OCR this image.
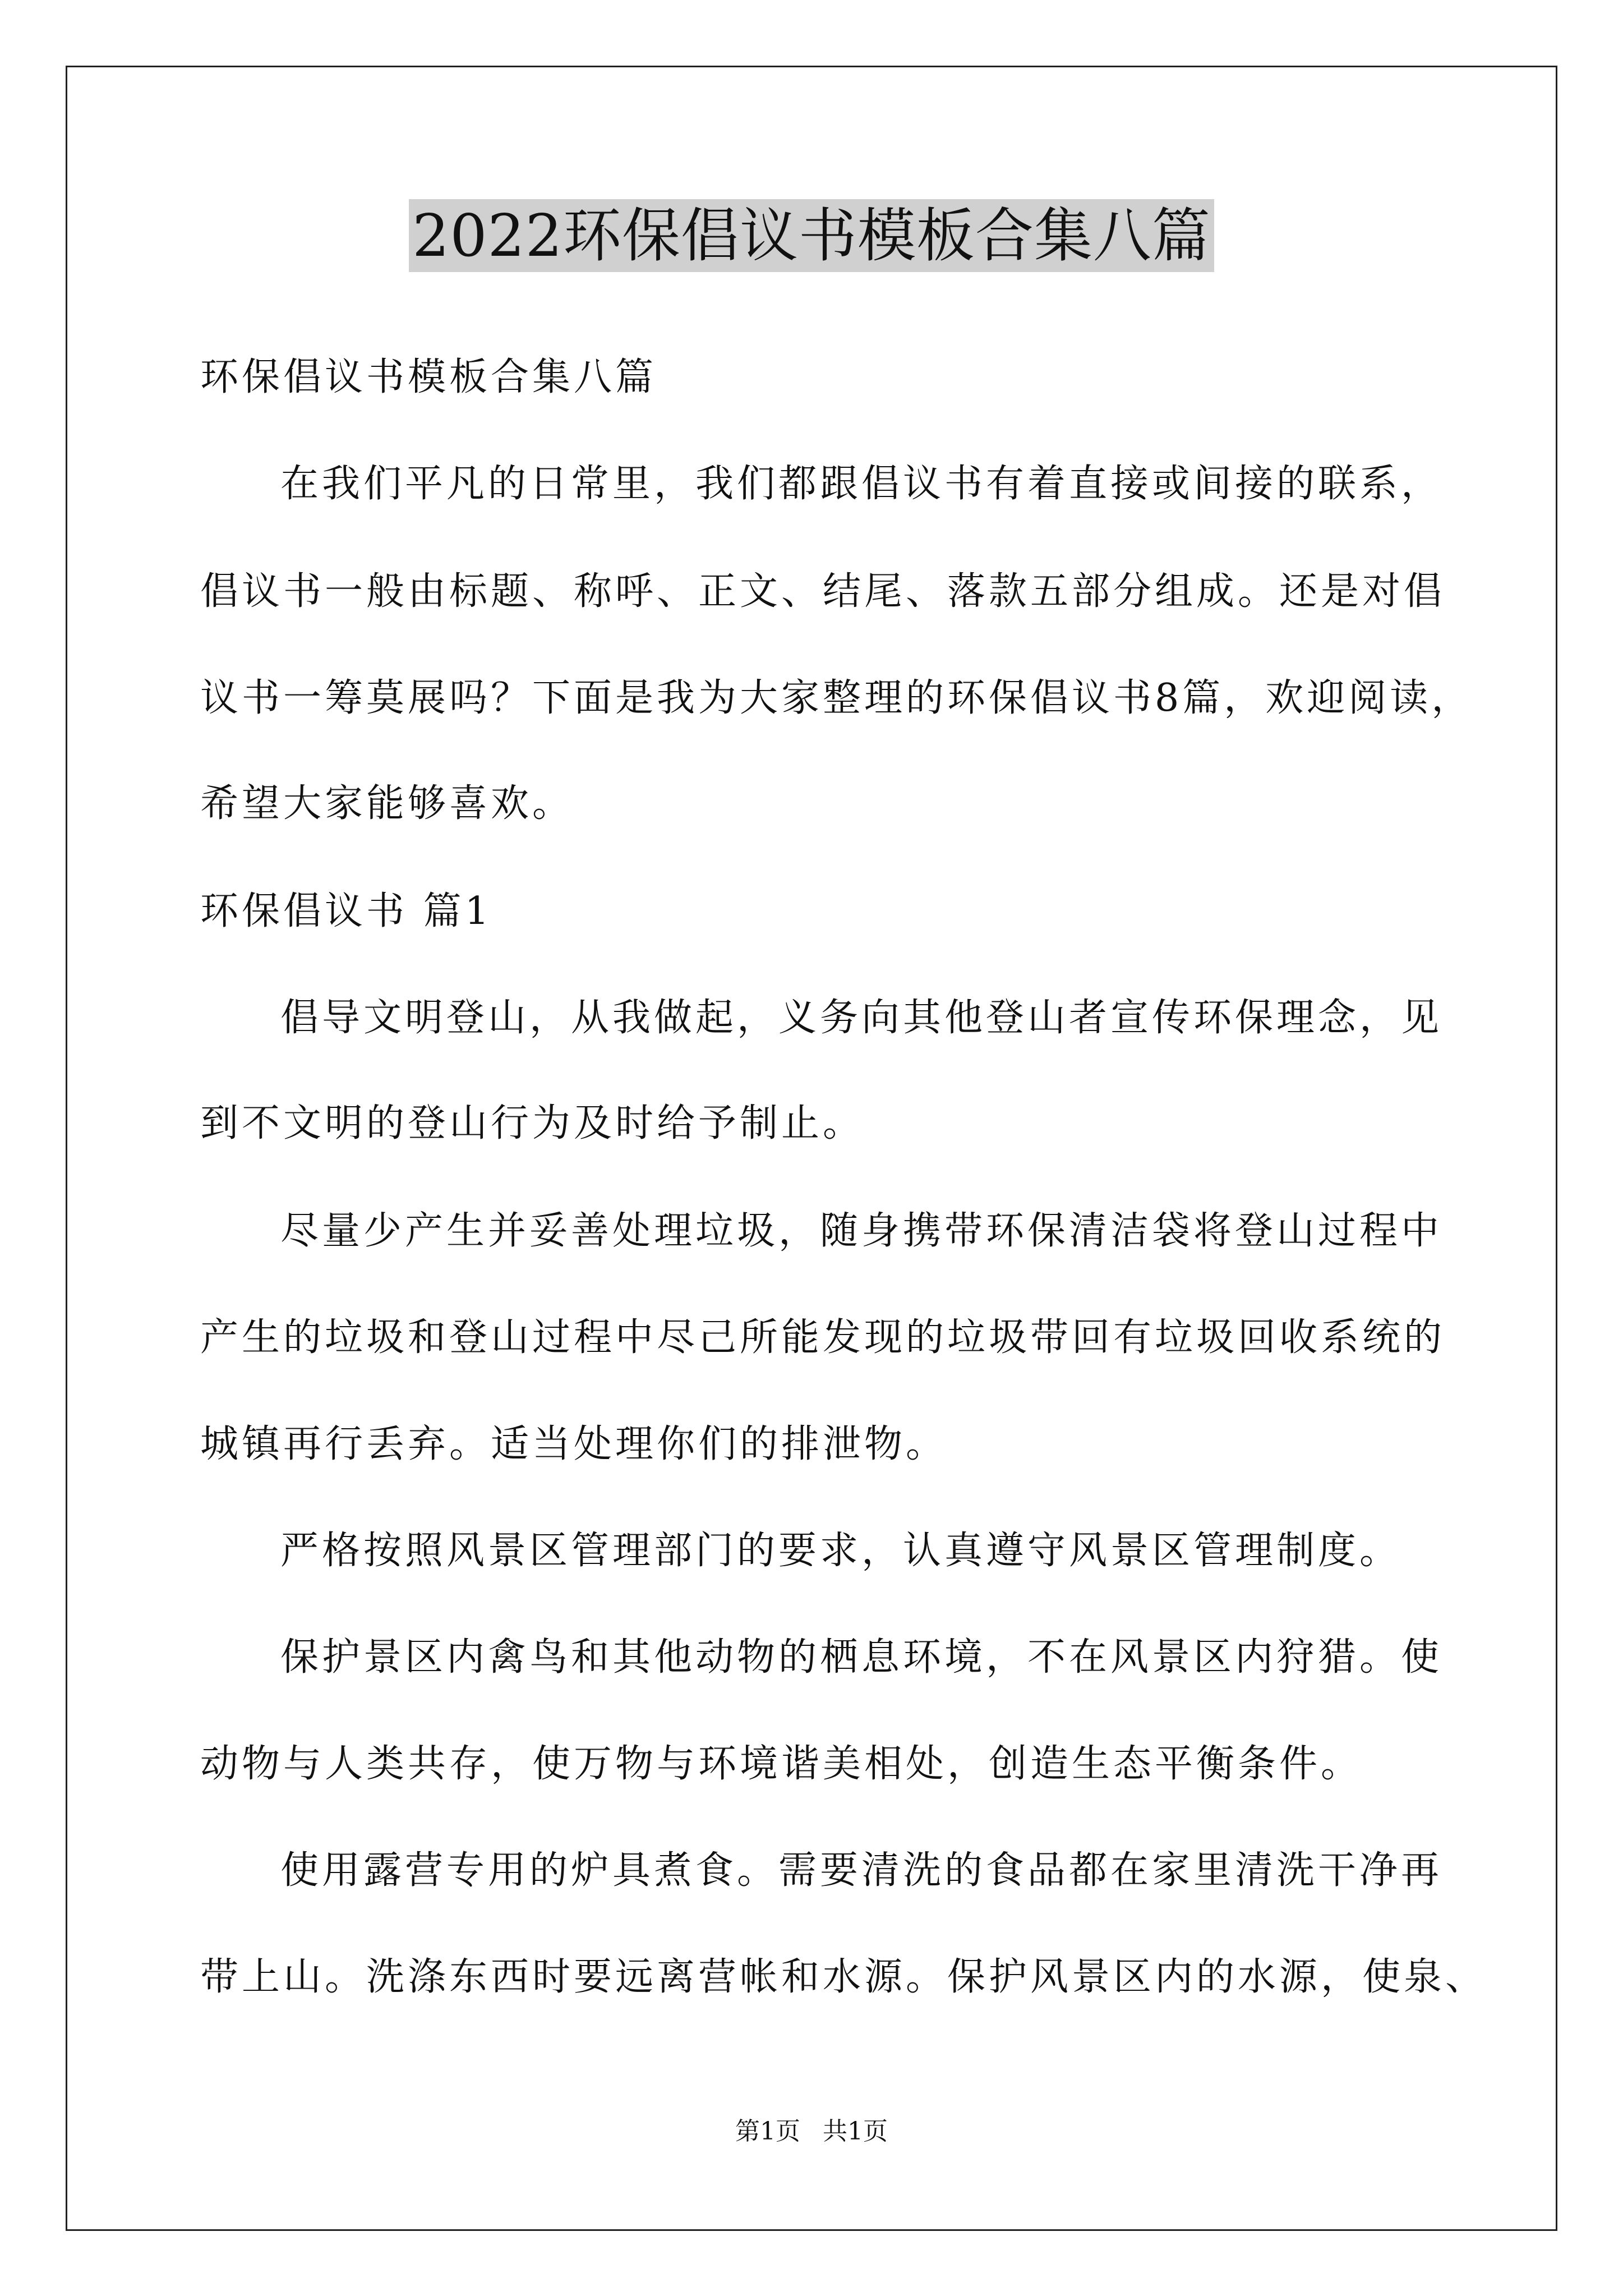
2022环保倡议书模板合集八篇
环保倡议书模板合集八篇
在我们平凡的日常里，我们都跟倡议书有着直接或间接的联系，
倡议书一般由标题、称呼、正文、结尾、落款五部分组成。还是对倡
议书一筹莫展吗？下面是我为大家整理的环保倡议书8篇，欢迎阅读，
希望大家能够喜欢。
环保倡议书 篇1
倡导文明登山，从我做起，义务向其他登山者宣传环保理念，见
到不文明的登山行为及时给予制止。
尽量少产生并妥善处理垃圾，随身携带环保清洁袋将登山过程中
产生的垃圾和登山过程中尽己所能发现的垃圾带回有垃圾回收系统的
城镇再行丢弃。适当处理你们的排泄物。
严格按照风景区管理部门的要求，认真遵守风景区管理制度。
保护景区内禽鸟和其他动物的栖息环境，不在风景区内狩猎。使
动物与人类共存，使万物与环境谐美相处，创造生态平衡条件。
使用露营专用的炉具煮食。需要清洗的食品都在家里清洗干净再
带上山。洗涤东西时要远离营帐和水源。保护风景区内的水源，使泉、
第1页 共1页
